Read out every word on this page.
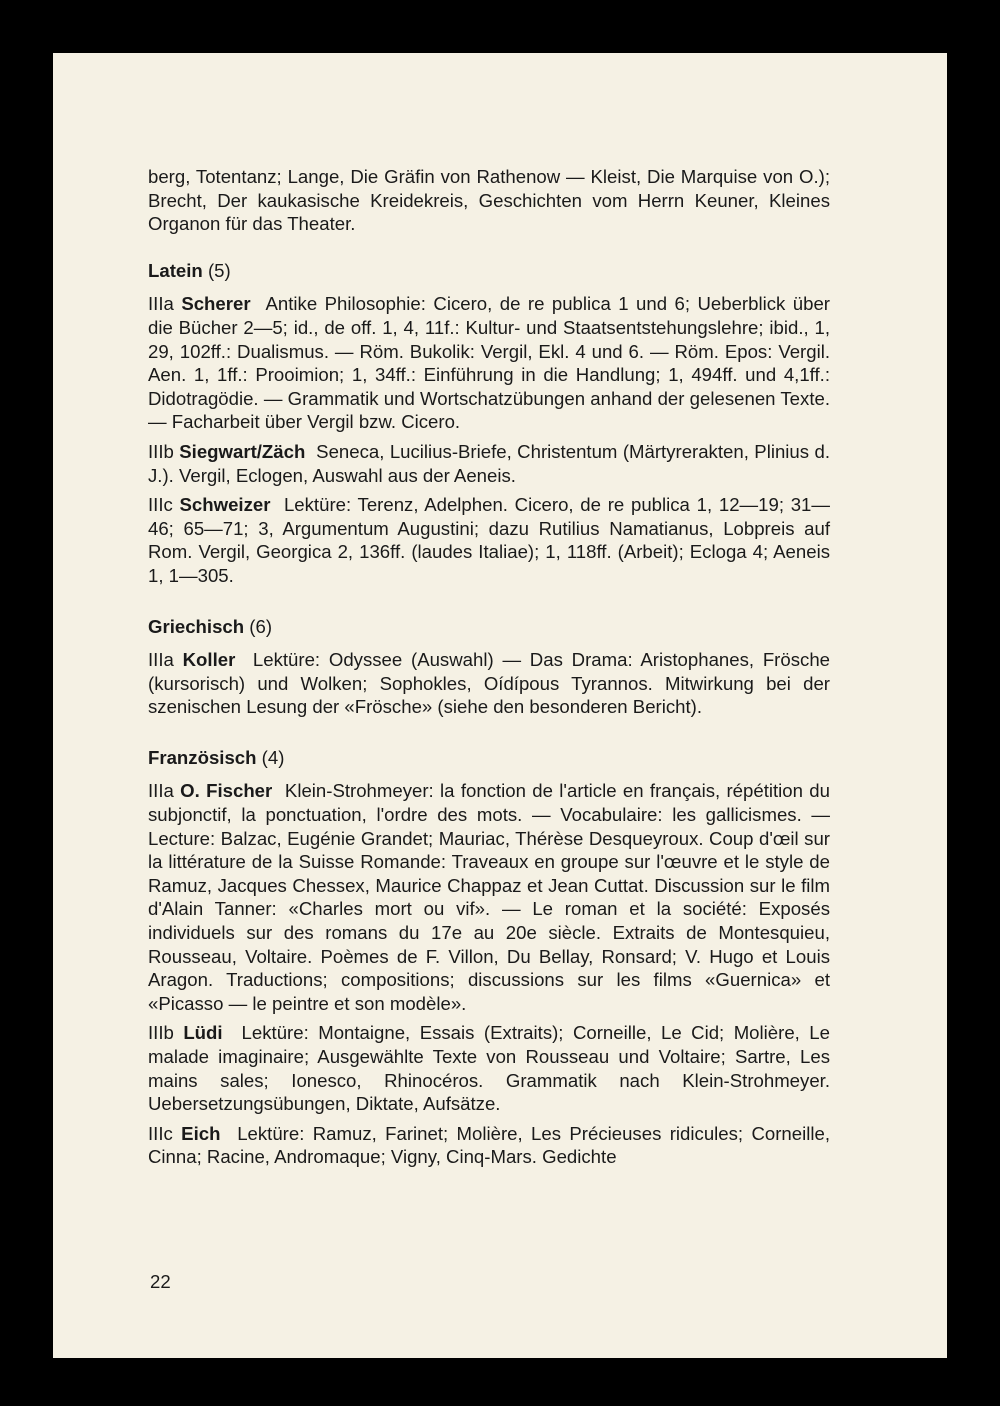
berg, Totentanz; Lange, Die Gräfin von Rathenow — Kleist, Die Marquise von O.); Brecht, Der kaukasische Kreidekreis, Geschichten vom Herrn Keuner, Kleines Organon für das Theater.

Latein (5)

IIIa Scherer Antike Philosophie: Cicero, de re publica 1 und 6; Ueberblick über die Bücher 2—5; id., de off. 1, 4, 11f.: Kultur- und Staatsentstehungslehre; ibid., 1, 29, 102ff.: Dualismus. — Röm. Bukolik: Vergil, Ekl. 4 und 6. — Röm. Epos: Vergil. Aen. 1, 1ff.: Prooimion; 1, 34ff.: Einführung in die Handlung; 1, 494ff. und 4,1ff.: Didotragödie. — Grammatik und Wortschatzübungen anhand der gelesenen Texte. — Facharbeit über Vergil bzw. Cicero.

IIIb Siegwart/Zäch Seneca, Lucilius-Briefe, Christentum (Märtyrerakten, Plinius d. J.). Vergil, Eclogen, Auswahl aus der Aeneis.

IIIc Schweizer Lektüre: Terenz, Adelphen. Cicero, de re publica 1, 12—19; 31—46; 65—71; 3, Argumentum Augustini; dazu Rutilius Namatianus, Lobpreis auf Rom. Vergil, Georgica 2, 136ff. (laudes Italiae); 1, 118ff. (Arbeit); Ecloga 4; Aeneis 1, 1—305.

Griechisch (6)

IIIa Koller Lektüre: Odyssee (Auswahl) — Das Drama: Aristophanes, Frösche (kursorisch) und Wolken; Sophokles, Oídípous Tyrannos. Mitwirkung bei der szenischen Lesung der «Frösche» (siehe den besonderen Bericht).

Französisch (4)

IIIa O. Fischer Klein-Strohmeyer: la fonction de l'article en français, répétition du subjonctif, la ponctuation, l'ordre des mots. — Vocabulaire: les gallicismes. — Lecture: Balzac, Eugénie Grandet; Mauriac, Thérèse Desqueyroux. Coup d'œil sur la littérature de la Suisse Romande: Traveaux en groupe sur l'œuvre et le style de Ramuz, Jacques Chessex, Maurice Chappaz et Jean Cuttat. Discussion sur le film d'Alain Tanner: «Charles mort ou vif». — Le roman et la société: Exposés individuels sur des romans du 17e au 20e siècle. Extraits de Montesquieu, Rousseau, Voltaire. Poèmes de F. Villon, Du Bellay, Ronsard; V. Hugo et Louis Aragon. Traductions; compositions; discussions sur les films «Guernica» et «Picasso — le peintre et son modèle».

IIIb Lüdi Lektüre: Montaigne, Essais (Extraits); Corneille, Le Cid; Molière, Le malade imaginaire; Ausgewählte Texte von Rousseau und Voltaire; Sartre, Les mains sales; Ionesco, Rhinocéros. Grammatik nach Klein-Strohmeyer. Uebersetzungsübungen, Diktate, Aufsätze.

IIIc Eich Lektüre: Ramuz, Farinet; Molière, Les Précieuses ridicules; Corneille, Cinna; Racine, Andromaque; Vigny, Cinq-Mars. Gedichte

22
